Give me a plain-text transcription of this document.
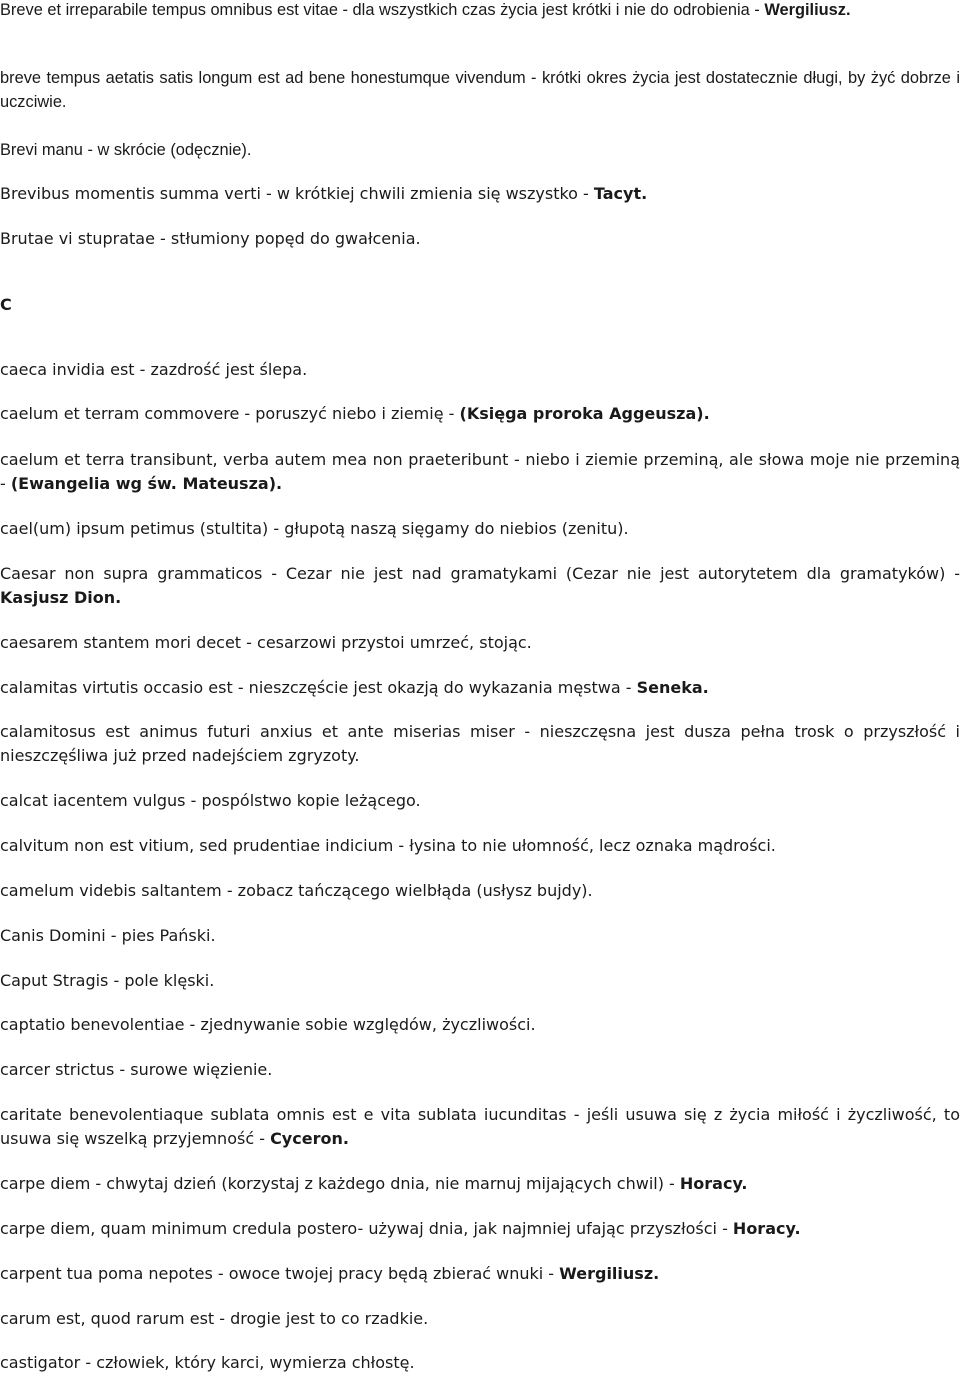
Breve et irreparabile tempus omnibus est vitae - dla wszystkich czas życia jest krótki i nie do odrobienia - Wergiliusz.

breve tempus aetatis satis longum est ad bene honestumque vivendum - krótki okres życia jest dostatecznie długi, by żyć dobrze i uczciwie.

Brevi manu - w skrócie (odęcznie).

Brevibus momentis summa verti - w krótkiej chwili zmienia się wszystko - Tacyt.

Brutae vi stupratae - stłumiony popęd do gwałcenia.

C

caeca invidia est - zazdrość jest ślepa.

caelum et terram commovere - poruszyć niebo i ziemię - (Księga proroka Aggeusza).

caelum et terra transibunt, verba autem mea non praeteribunt - niebo i ziemie przeminą, ale słowa moje nie przeminą - (Ewangelia wg św. Mateusza).

cael(um) ipsum petimus (stultita) - głupotą naszą sięgamy do niebios (zenitu).

Caesar non supra grammaticos - Cezar nie jest nad gramatykami (Cezar nie jest autorytetem dla gramatyków) - Kasjusz Dion.

caesarem stantem mori decet - cesarzowi przystoi umrzeć, stojąc.

calamitas virtutis occasio est - nieszczęście jest okazją do wykazania męstwa - Seneka.

calamitosus est animus futuri anxius et ante miserias miser - nieszczęsna jest dusza pełna trosk o przyszłość i nieszczęśliwa już przed nadejściem zgryzoty.

calcat iacentem vulgus - pospólstwo kopie leżącego.

calvitum non est vitium, sed prudentiae indicium - łysina to nie ułomność, lecz oznaka mądrości.

camelum videbis saltantem - zobacz tańczącego wielbłąda (usłysz bujdy).

Canis Domini - pies Pański.

Caput Stragis - pole klęski.

captatio benevolentiae - zjednywanie sobie względów, życzliwości.

carcer strictus - surowe więzienie.

caritate benevolentiaque sublata omnis est e vita sublata iucunditas - jeśli usuwa się z życia miłość i życzliwość, to usuwa się wszelką przyjemność - Cyceron.

carpe diem - chwytaj dzień (korzystaj z każdego dnia, nie marnuj mijających chwil) - Horacy.

carpe diem, quam minimum credula postero- używaj dnia, jak najmniej ufając przyszłości - Horacy.

carpent tua poma nepotes - owoce twojej pracy będą zbierać wnuki - Wergiliusz.

carum est, quod rarum est - drogie jest to co rzadkie.

castigator - człowiek, który karci, wymierza chłostę.
